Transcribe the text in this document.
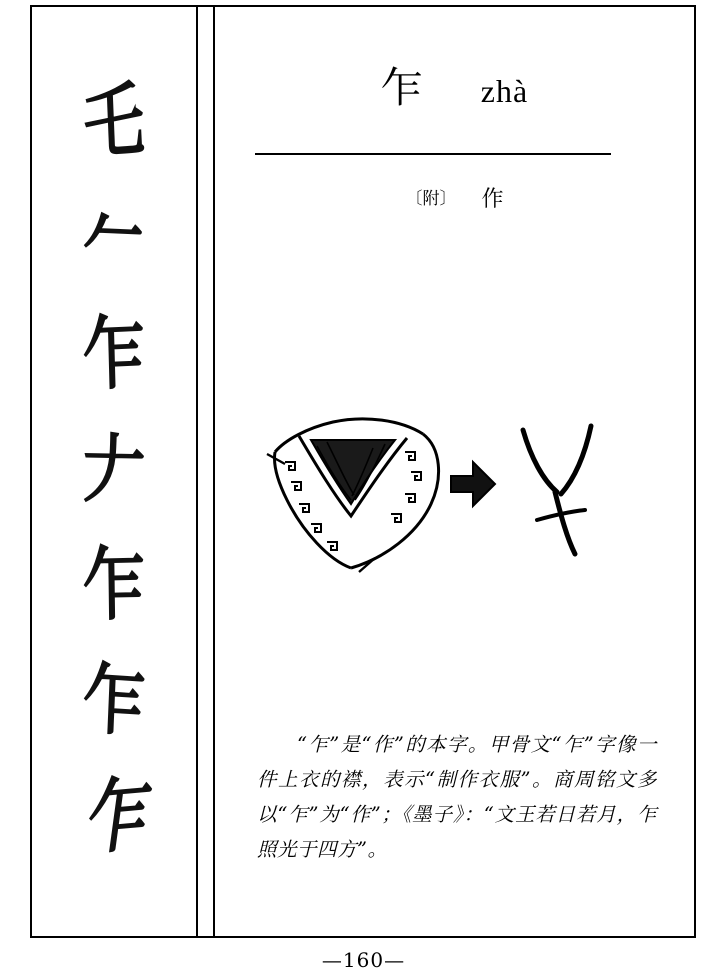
乇
𠂉
乍
𠂇
乍
乍
乍
乍 zhà
〔附〕 作

“乍”是“作”的本字。甲骨文“乍”字像一件上衣的襟，表示“制作衣服”。商周铭文多以“乍”为“作”；《墨子》：“文王若日若月，乍照光于四方”。

—160—
